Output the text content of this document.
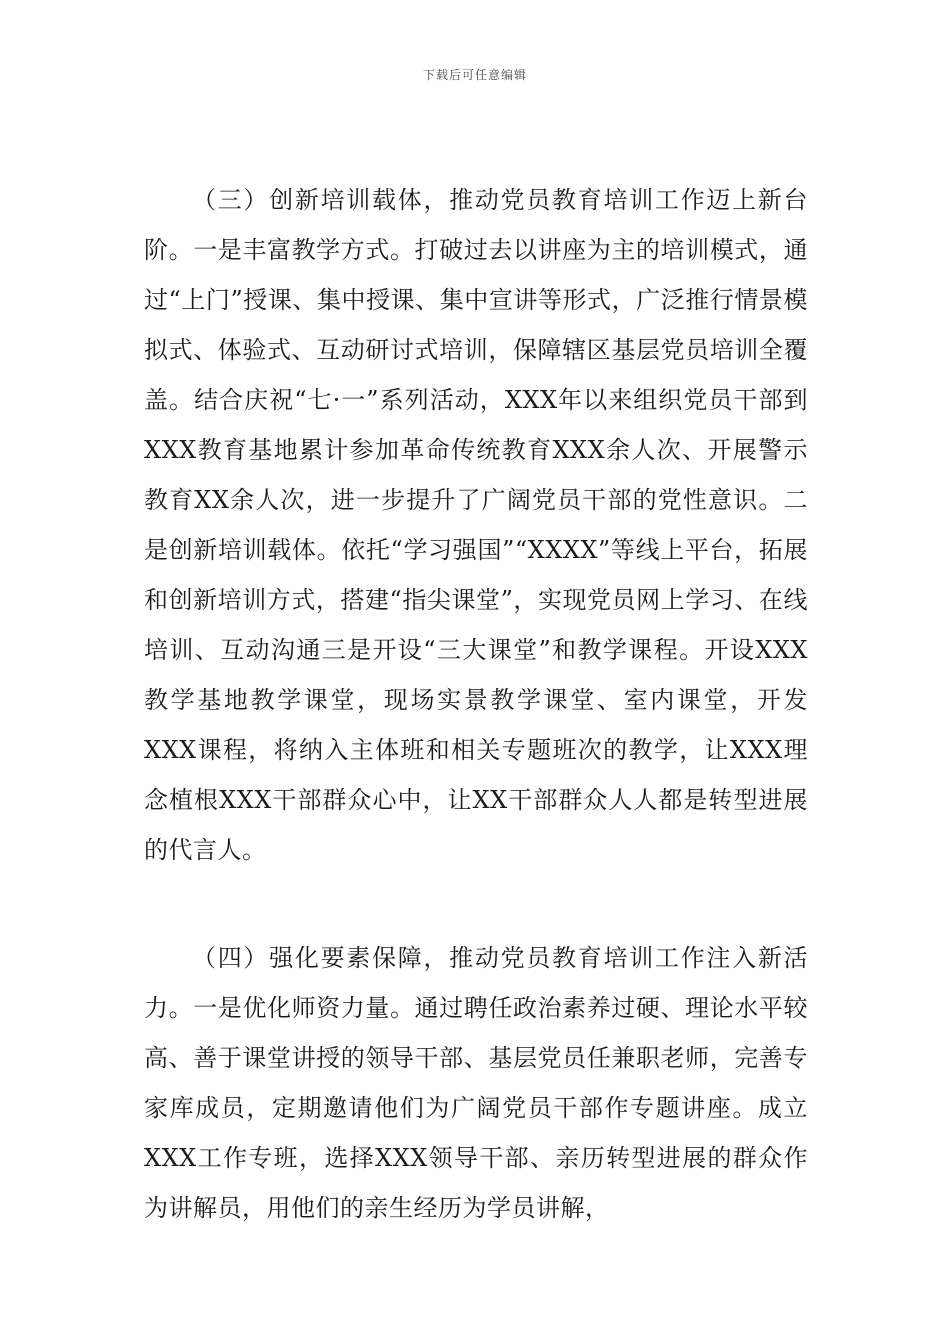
下载后可任意编辑

（三）创新培训载体，推动党员教育培训工作迈上新台阶。一是丰富教学方式。打破过去以讲座为主的培训模式，通过“上门”授课、集中授课、集中宣讲等形式，广泛推行情景模拟式、体验式、互动研讨式培训，保障辖区基层党员培训全覆盖。结合庆祝“七·一”系列活动，XXX年以来组织党员干部到XXX教育基地累计参加革命传统教育XXX余人次、开展警示教育XX余人次，进一步提升了广阔党员干部的党性意识。二是创新培训载体。依托“学习强国”“XXXX”等线上平台，拓展和创新培训方式，搭建“指尖课堂”，实现党员网上学习、在线培训、互动沟通三是开设“三大课堂”和教学课程。开设XXX教学基地教学课堂，现场实景教学课堂、室内课堂，开发XXX课程，将纳入主体班和相关专题班次的教学，让XXX理念植根XXX干部群众心中，让XX干部群众人人都是转型进展的代言人。

（四）强化要素保障，推动党员教育培训工作注入新活力。一是优化师资力量。通过聘任政治素养过硬、理论水平较高、善于课堂讲授的领导干部、基层党员任兼职老师，完善专家库成员，定期邀请他们为广阔党员干部作专题讲座。成立XXX工作专班，选择XXX领导干部、亲历转型进展的群众作为讲解员，用他们的亲生经历为学员讲解，
